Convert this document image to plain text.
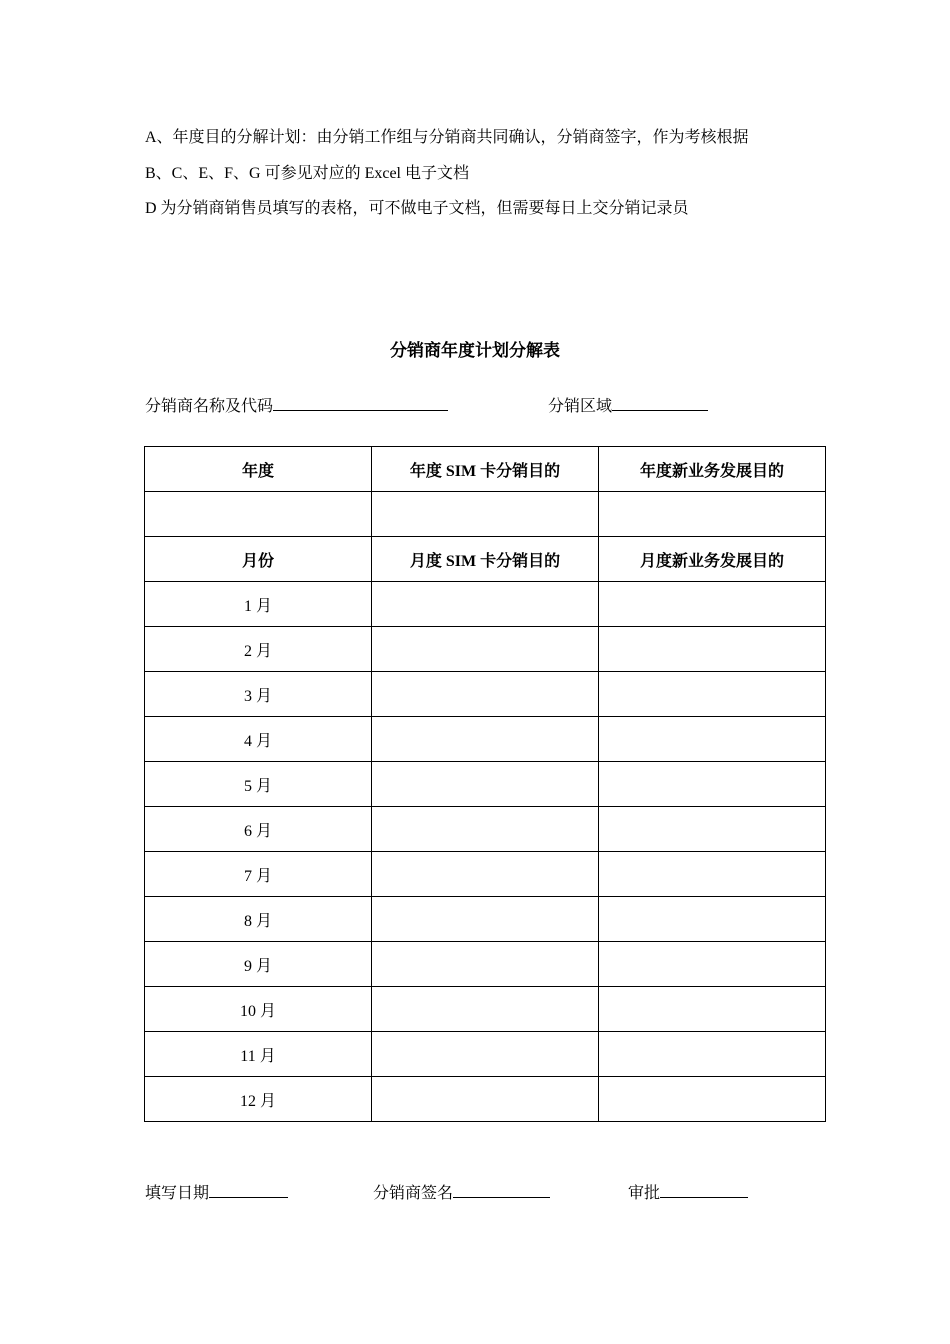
A、年度目的分解计划：由分销工作组与分销商共同确认，分销商签字，作为考核根据

B、C、E、F、G 可参见对应的 Excel 电子文档

D 为分销商销售员填写的表格，可不做电子文档，但需要每日上交分销记录员

分销商年度计划分解表
分销商名称及代码	分销区域
年度	年度 SIM 卡分销目的	年度新业务发展目的

月份	月度 SIM 卡分销目的	月度新业务发展目的
1 月		
2 月		
3 月		
4 月		
5 月		
6 月		
7 月		
8 月		
9 月		
10 月		
11 月		
12 月		
填写日期	分销商签名	审批
